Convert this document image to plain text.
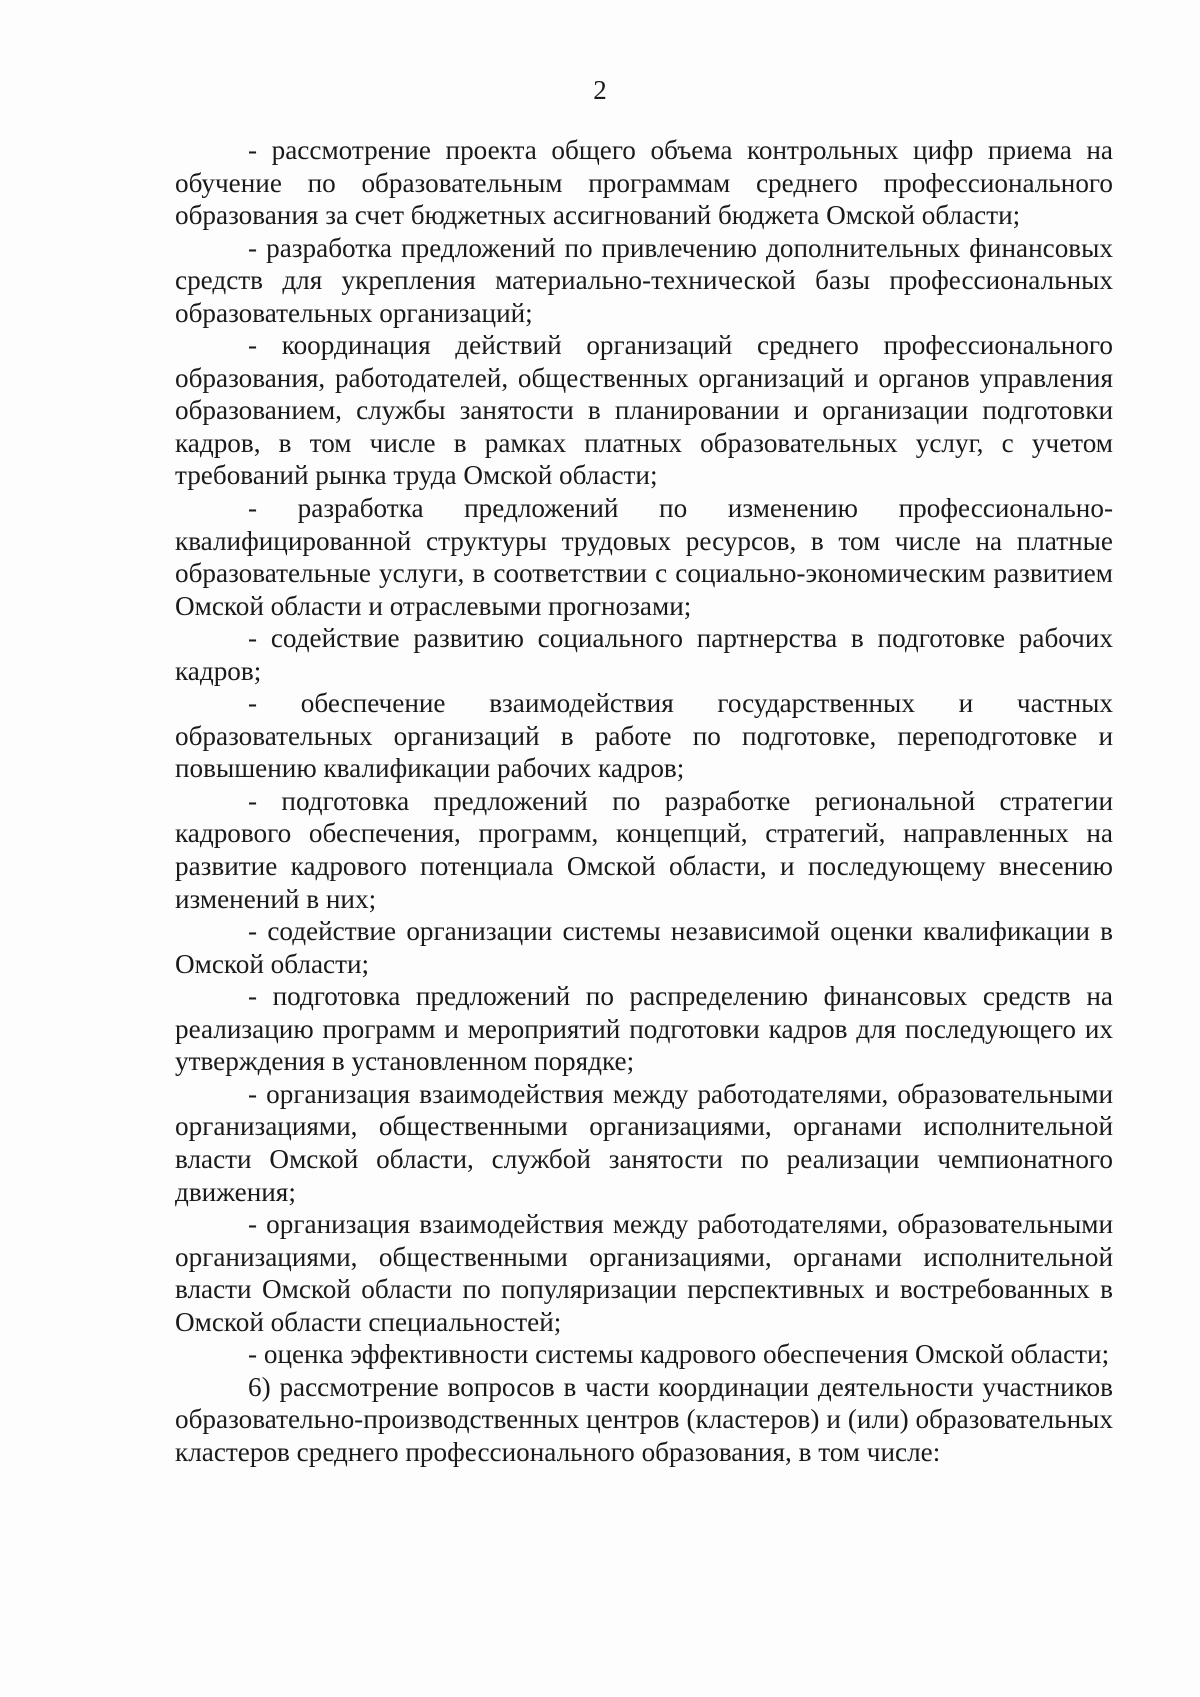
2

- рассмотрение проекта общего объема контрольных цифр приема на обучение по образовательным программам среднего профессионального образования за счет бюджетных ассигнований бюджета Омской области;

- разработка предложений по привлечению дополнительных финансовых средств для укрепления материально-технической базы профессиональных образовательных организаций;

- координация действий организаций среднего профессионального образования, работодателей, общественных организаций и органов управления образованием, службы занятости в планировании и организации подготовки кадров, в том числе в рамках платных образовательных услуг, с учетом требований рынка труда Омской области;

- разработка предложений по изменению профессионально-квалифицированной структуры трудовых ресурсов, в том числе на платные образовательные услуги, в соответствии с социально-экономическим развитием Омской области и отраслевыми прогнозами;

- содействие развитию социального партнерства в подготовке рабочих кадров;

- обеспечение взаимодействия государственных и частных образовательных организаций в работе по подготовке, переподготовке и повышению квалификации рабочих кадров;

- подготовка предложений по разработке региональной стратегии кадрового обеспечения, программ, концепций, стратегий, направленных на развитие кадрового потенциала Омской области, и последующему внесению изменений в них;

- содействие организации системы независимой оценки квалификации в Омской области;

- подготовка предложений по распределению финансовых средств на реализацию программ и мероприятий подготовки кадров для последующего их утверждения в установленном порядке;

- организация взаимодействия между работодателями, образовательными организациями, общественными организациями, органами исполнительной власти Омской области, службой занятости по реализации чемпионатного движения;

- организация взаимодействия между работодателями, образовательными организациями, общественными организациями, органами исполнительной власти Омской области по популяризации перспективных и востребованных в Омской области специальностей;

- оценка эффективности системы кадрового обеспечения Омской области;

6) рассмотрение вопросов в части координации деятельности участников образовательно-производственных центров (кластеров) и (или) образовательных кластеров среднего профессионального образования, в том числе:
